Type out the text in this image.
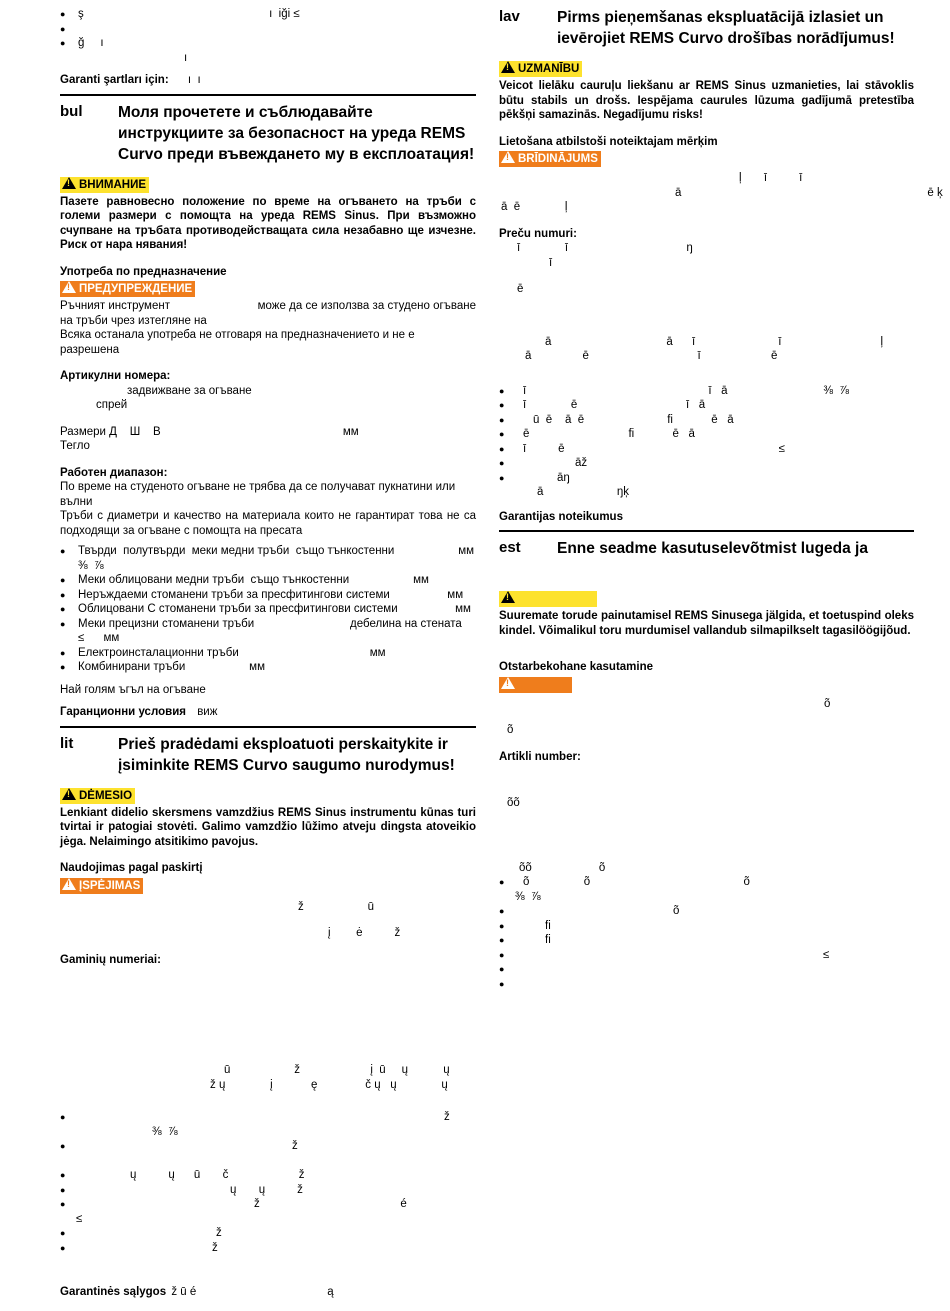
● ş                                                          ı  iği ≤
●
● ğ     ı
ı
Garanti şartları için: ı  ı
bul	Моля прочетете и съблюдавайте инструкциите за безопасност на уреда REMS Curvo преди въвеждането му в експлоатация!
!ВНИМАНИЕ

Пазете равновесно положение по време на огъването на тръби с големи размери с помощта на уреда REMS Sinus. При възможно счупване на тръбата противодействащата сила незабавно ще изчезне. Риск от нара нявания!

Употреба по предназначение
!ПРЕДУПРЕЖДЕНИЕ

Ръчният инструмент                           може да се използва за студено огъване на тръби чрез изтегляне на

Всяка останала употреба не отговаря на предназначението и не е разрешена

Артикулни номера:
задвижване за огъване
спрей
Размери Д    Ш    В                                                         мм
Тегло
Работен диапазон:

По време на студеното огъване не трябва да се получават пукнатини или вълни

Тръби с диаметри и качество на материала които не гарантират това не са подходящи за огъване с помощта на пресата

● Твърди  полутвърди  меки медни тръби  също тънкостенни                    мм
⅜  ⅞
● Меки облицовани медни тръби  също тънкостенни                    мм
● Неръждаеми стоманени тръби за пресфитингови системи                  мм
● Облицовани С стоманени тръби за пресфитингови системи                  мм
● Меки прецизни стоманени тръби                              дебелина на стената
≤      мм
● Електроинсталационни тръби                                         мм
● Комбинирани тръби                    мм
Най голям ъгъл на огъване
Гаранционни условия виж
lit	Prieš pradėdami eksploatuoti perskaitykite ir įsiminkite REMS Curvo saugumo nurodymus!
!DĖMESIO

Lenkiant didelio skersmens vamzdžius REMS Sinus instrumentu kūnas turi tvirtai ir patogiai stovėti. Galimo vamzdžio lūžimo atveju dingsta atoveikio jėga. Nelaimingo atsitikimo pavojus.

Naudojimas pagal paskirtį
!ĮSPĖJIMAS
ž                    ū
į        ė          ž
Gaminių numeriai:
ū                    ž                      į  ū     ų           ų
ž ų              į            ę               č ų   ų              ų
● ž
⅜  ⅞
● ž
● ų          ų      ū       č                      ž
● ų       ų          ž
● ž                                            é
≤
● ž
● ž
Garantinės sąlygos ž ū é                                         ą
lav	Pirms pieņemšanas ekspluatācijā izlasiet un ievērojiet REMS Curvo drošības norādījumus!
!UZMANĪBU

Veicot lielāku cauruļu liekšanu ar REMS Sinus uzmanieties, lai stāvoklis būtu stabils un drošs. Iespējama caurules lūzuma gadījumā pretestība pēkšņi samazinās. Negadījumu risks!

Lietošana atbilstoši noteiktajam mērķim
!BRĪDINĀJUMS
ļ       ī          ī
ā                                                                             ē ķ
ā  ē              ļ
Preču numuri:
ī              ī                                     ŋ
ī
ē
ā                                    ā      ī                          ī                               ļ
ā                ē                                  ī                      ē
● ī                                                         ī   ā                              ⅜  ⅞
● ī              ē                                  ī   ā
● ū  ē    ā  ē                          fi            ē   ā
● ē                               fi            ē   ā
● ī          ē                                                                   ≤
● āž
● āŋ
ā                       ŋķ
Garantijas noteikumus
est	Enne seadme kasutuselevõtmist lugeda ja
!

Suuremate torude painutamisel REMS Sinusega jälgida, et toetuspind oleks kindel. Võimalikul toru murdumisel vallandub silmapilkselt tagasilöögijõud.

Otstarbekohane kasutamine
!
õ
õ
Artikli number:
õõ
õõ                     õ
● õ                 õ                                                õ
⅜  ⅞
● õ
● fi
● fi
● ≤
●
●
